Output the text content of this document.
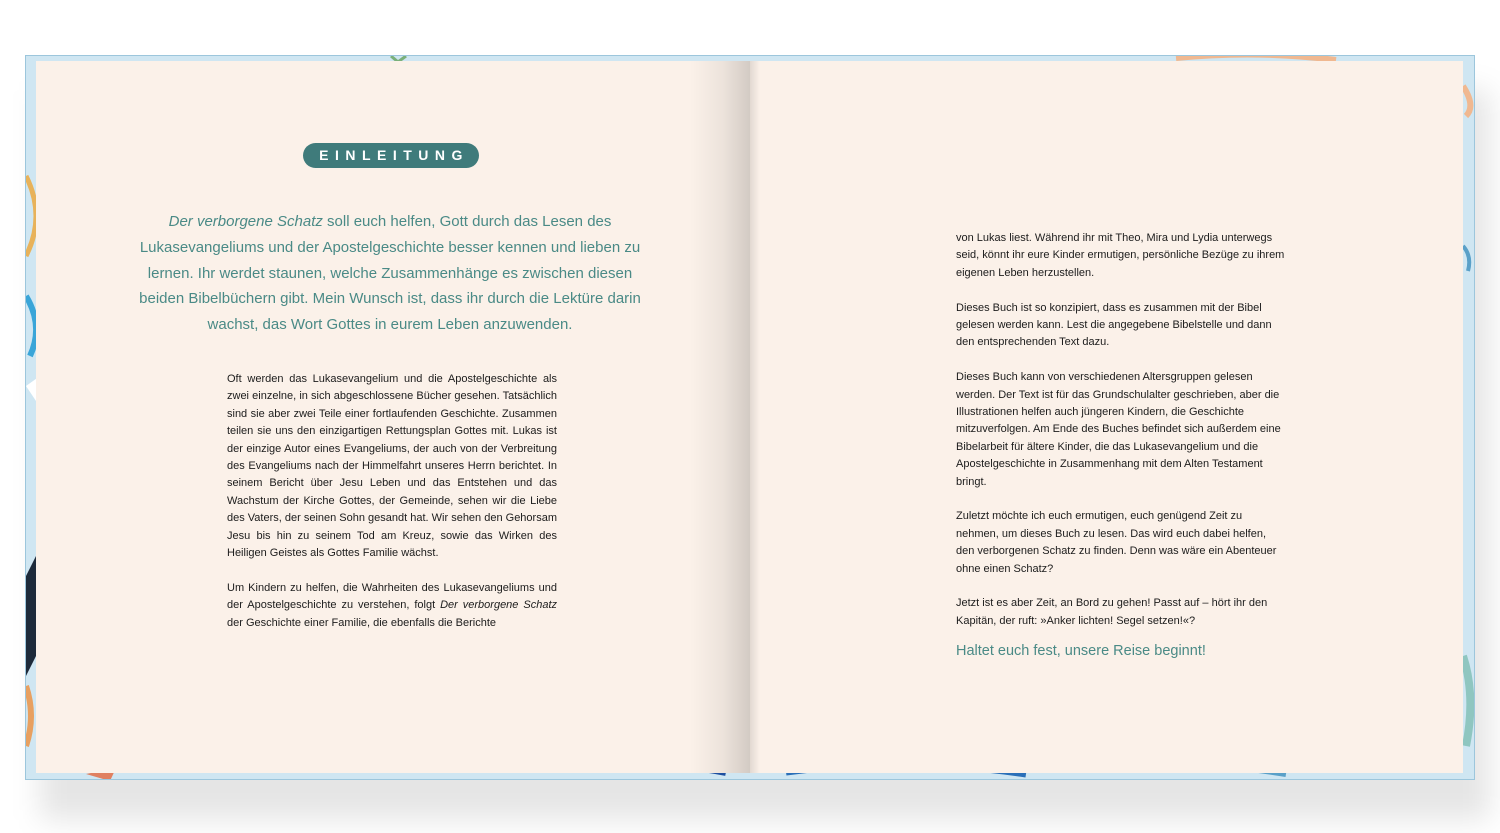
EINLEITUNG
Der verborgene Schatz soll euch helfen, Gott durch das Lesen des Lukasevangeliums und der Apostelgeschichte besser kennen und lieben zu lernen. Ihr werdet staunen, welche Zusammenhänge es zwischen diesen beiden Bibelbüchern gibt. Mein Wunsch ist, dass ihr durch die Lektüre darin wachst, das Wort Gottes in eurem Leben anzuwenden.

Oft werden das Lukasevangelium und die Apostelgeschichte als zwei einzelne, in sich abgeschlossene Bücher gesehen. Tatsächlich sind sie aber zwei Teile einer fortlaufenden Geschichte. Zusammen teilen sie uns den einzigartigen Rettungsplan Gottes mit. Lukas ist der einzige Autor eines Evangeliums, der auch von der Verbreitung des Evangeliums nach der Himmelfahrt unseres Herrn berichtet. In seinem Bericht über Jesu Leben und das Entstehen und das Wachstum der Kirche Gottes, der Gemeinde, sehen wir die Liebe des Vaters, der seinen Sohn gesandt hat. Wir sehen den Gehorsam Jesu bis hin zu seinem Tod am Kreuz, sowie das Wirken des Heiligen Geistes als Gottes Familie wächst.

Um Kindern zu helfen, die Wahrheiten des Lukasevangeliums und der Apostelgeschichte zu verstehen, folgt Der verborgene Schatz der Geschichte einer Familie, die ebenfalls die Berichte

von Lukas liest. Während ihr mit Theo, Mira und Lydia unterwegs seid, könnt ihr eure Kinder ermutigen, persönliche Bezüge zu ihrem eigenen Leben herzustellen.

Dieses Buch ist so konzipiert, dass es zusammen mit der Bibel gelesen werden kann. Lest die angegebene Bibelstelle und dann den entsprechenden Text dazu.

Dieses Buch kann von verschiedenen Altersgruppen gelesen werden. Der Text ist für das Grundschulalter geschrieben, aber die Illustrationen helfen auch jüngeren Kindern, die Geschichte mitzuverfolgen. Am Ende des Buches befindet sich außerdem eine Bibelarbeit für ältere Kinder, die das Lukasevangelium und die Apostelgeschichte in Zusammenhang mit dem Alten Testament bringt.

Zuletzt möchte ich euch ermutigen, euch genügend Zeit zu nehmen, um dieses Buch zu lesen. Das wird euch dabei helfen, den verborgenen Schatz zu finden. Denn was wäre ein Abenteuer ohne einen Schatz?

Jetzt ist es aber Zeit, an Bord zu gehen! Passt auf – hört ihr den Kapitän, der ruft: »Anker lichten! Segel setzen!«?

Haltet euch fest, unsere Reise beginnt!
